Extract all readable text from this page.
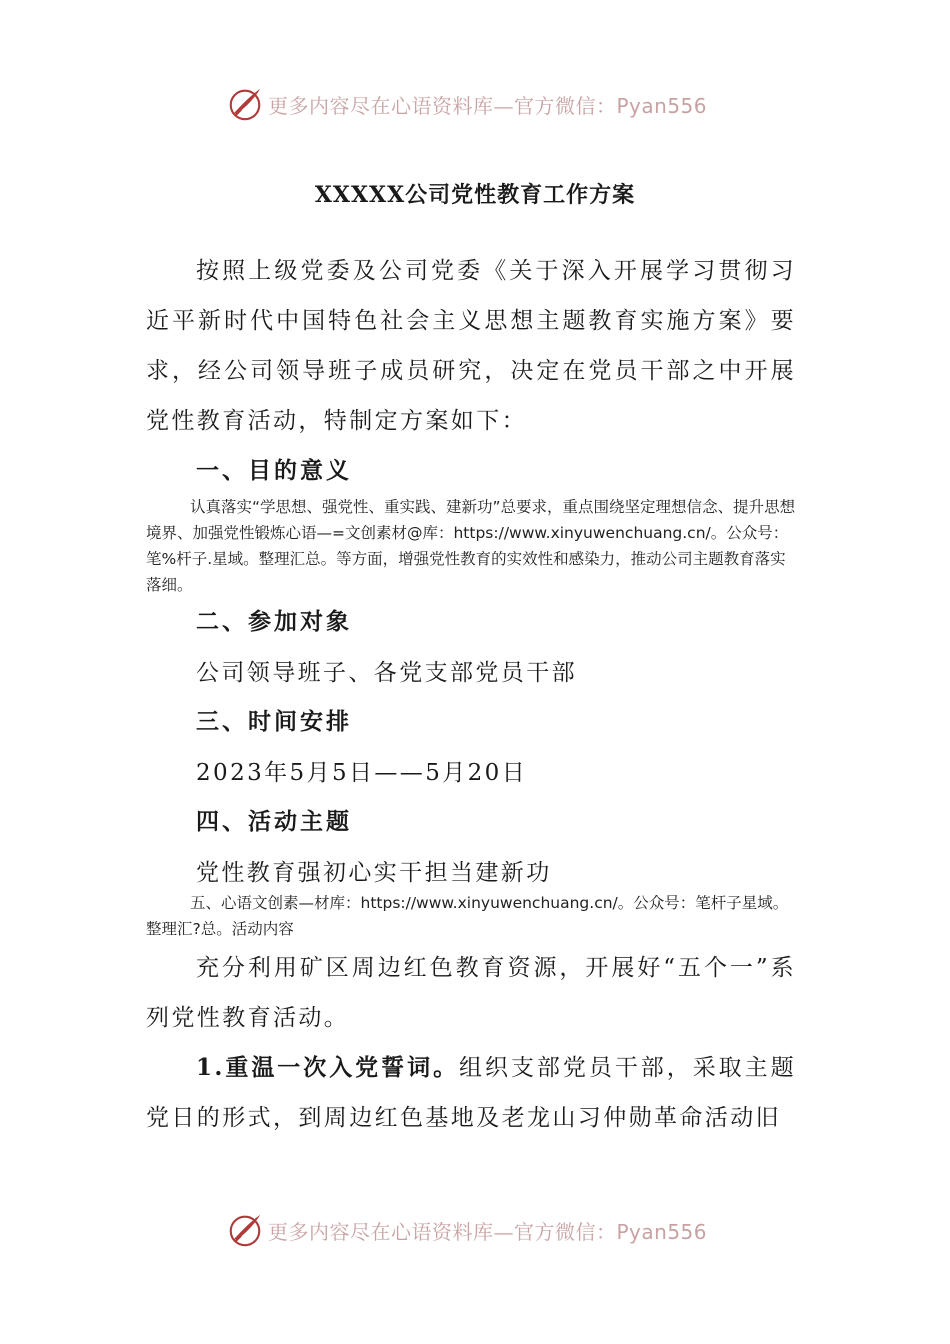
更多内容尽在心语资料库—官方微信：Pyan556
XXXXX公司党性教育工作方案

按照上级党委及公司党委《关于深入开展学习贯彻习近平新时代中国特色社会主义思想主题教育实施方案》要求，经公司领导班子成员研究，决定在党员干部之中开展党性教育活动，特制定方案如下：

一、目的意义

认真落实“学思想、强党性、重实践、建新功”总要求，重点围绕坚定理想信念、提升思想境界、加强党性锻炼心语—=文创素材@库：https://www.xinyuwenchuang.cn/。公众号：笔%杆子.星域。整理汇总。等方面，增强党性教育的实效性和感染力，推动公司主题教育落实落细。

二、参加对象

公司领导班子、各党支部党员干部

三、时间安排

2023年5月5日——5月20日

四、活动主题

党性教育强初心实干担当建新功

五、心语文创素—材库：https://www.xinyuwenchuang.cn/。公众号：笔杆子星域。整理汇?总。活动内容

充分利用矿区周边红色教育资源，开展好“五个一”系列党性教育活动。

1.重温一次入党誓词。组织支部党员干部，采取主题党日的形式，到周边红色基地及老龙山习仲勋革命活动旧

更多内容尽在心语资料库—官方微信：Pyan556
